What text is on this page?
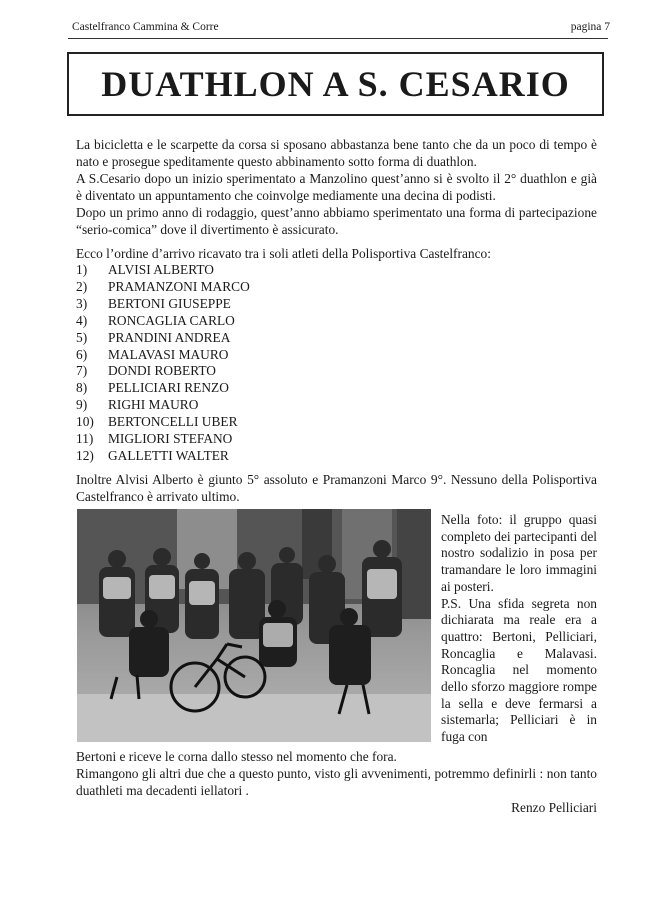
Castelfranco Cammina & Corre	pagina 7
DUATHLON A S. CESARIO

La bicicletta e le scarpette da corsa si sposano abbastanza bene tanto che da un poco di tempo è nato e prosegue speditamente questo abbinamento sotto forma di duathlon.

A S.Cesario dopo un inizio sperimentato a Manzolino quest’anno si è svolto il 2° duathlon e già è diventato un appuntamento che coinvolge mediamente una decina di podisti.

Dopo un primo anno di rodaggio, quest’anno abbiamo sperimentato una forma di partecipazione “serio-comica” dove il divertimento è assicurato.

Ecco l’ordine d’arrivo ricavato tra i soli atleti della Polisportiva Castelfranco:

1)	ALVISI ALBERTO
2)	PRAMANZONI MARCO
3)	BERTONI GIUSEPPE
4)	RONCAGLIA CARLO
5)	PRANDINI ANDREA
6)	MALAVASI MAURO
7)	DONDI ROBERTO
8)	PELLICIARI RENZO
9)	RIGHI MAURO
10)	BERTONCELLI UBER
11)	MIGLIORI STEFANO
12)	GALLETTI WALTER

Inoltre Alvisi Alberto è giunto 5° assoluto e Pramanzoni Marco 9°. Nessuno della Polisportiva Castelfranco è arrivato ultimo.

Nella foto: il gruppo quasi completo dei partecipanti del nostro sodalizio in posa per tramandare le loro immagini ai posteri.

P.S. Una sfida segreta non dichiarata ma reale era a quattro: Bertoni, Pelliciari, Roncaglia e Malavasi. Roncaglia nel momento dello sforzo maggiore rompe la sella e deve fermarsi a sistemarla; Pelliciari è in fuga con

Bertoni e riceve le corna dallo stesso nel momento che fora.

Rimangono gli altri due che a questo punto, visto gli avvenimenti, potremmo definirli : non tanto duathleti ma decadenti iellatori .

Renzo Pelliciari
